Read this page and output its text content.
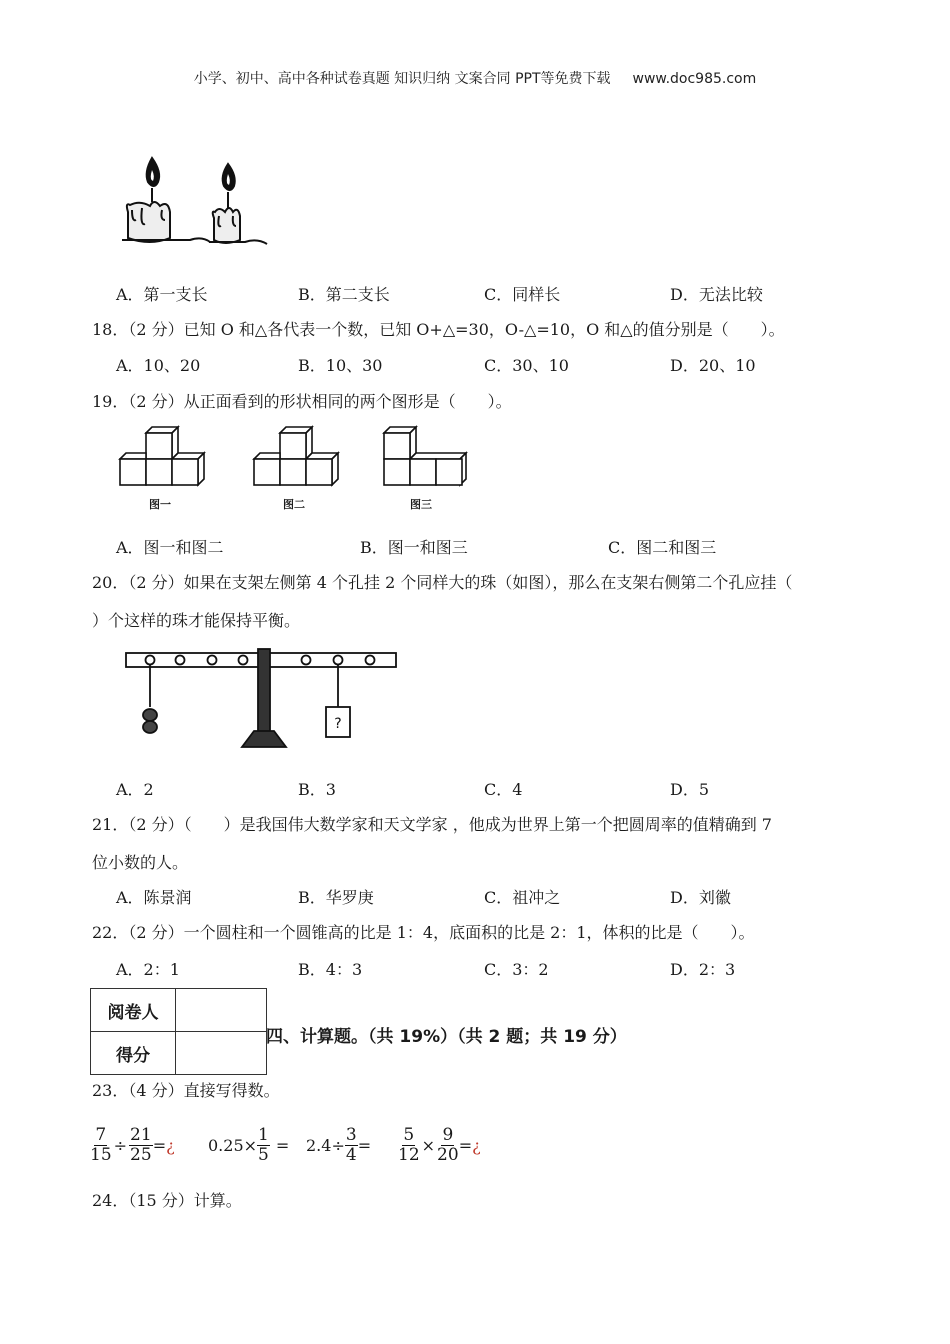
小学、初中、高中各种试卷真题 知识归纳 文案合同 PPT等免费下载 www.doc985.com
A．第一支长	B．第二支长	C．同样长	D．无法比较
18．（2 分）已知 O 和△各代表一个数，已知 O+△=30，O-△=10，O 和△的值分别是（　　）。
A．10、20	B．10、30	C．30、10	D．20、10
19．（2 分）从正面看到的形状相同的两个图形是（　　）。
图一	图二	图三
A．图一和图二	B．图一和图三	C．图二和图三
20．（2 分）如果在支架左侧第 4 个孔挂 2 个同样大的珠（如图），那么在支架右侧第二个孔应挂（
）个这样的珠才能保持平衡。
?
A．2	B．3	C．4	D．5
21．（2 分）（　　）是我国伟大数学家和天文学家 ，他成为世界上第一个把圆周率的值精确到 7
位小数的人。
A．陈景润	B．华罗庚	C．祖冲之	D．刘徽
22．（2 分）一个圆柱和一个圆锥高的比是 1：4，底面积的比是 2：1，体积的比是（　　）。
A．2：1	B．4：3	C．3：2	D．2：3
阅卷人	
得分	
四、计算题。（共 19%）（共 2 题；共 19 分）
23．（4 分）直接写得数。
$\frac{7}{15} \div \frac{21}{25}$ = ¿ $0.25\times \frac{1}{5} = 2.4\div \frac{3}{4} = \frac{5}{12} \times \frac{9}{20}$ = ¿
24．（15 分）计算。
